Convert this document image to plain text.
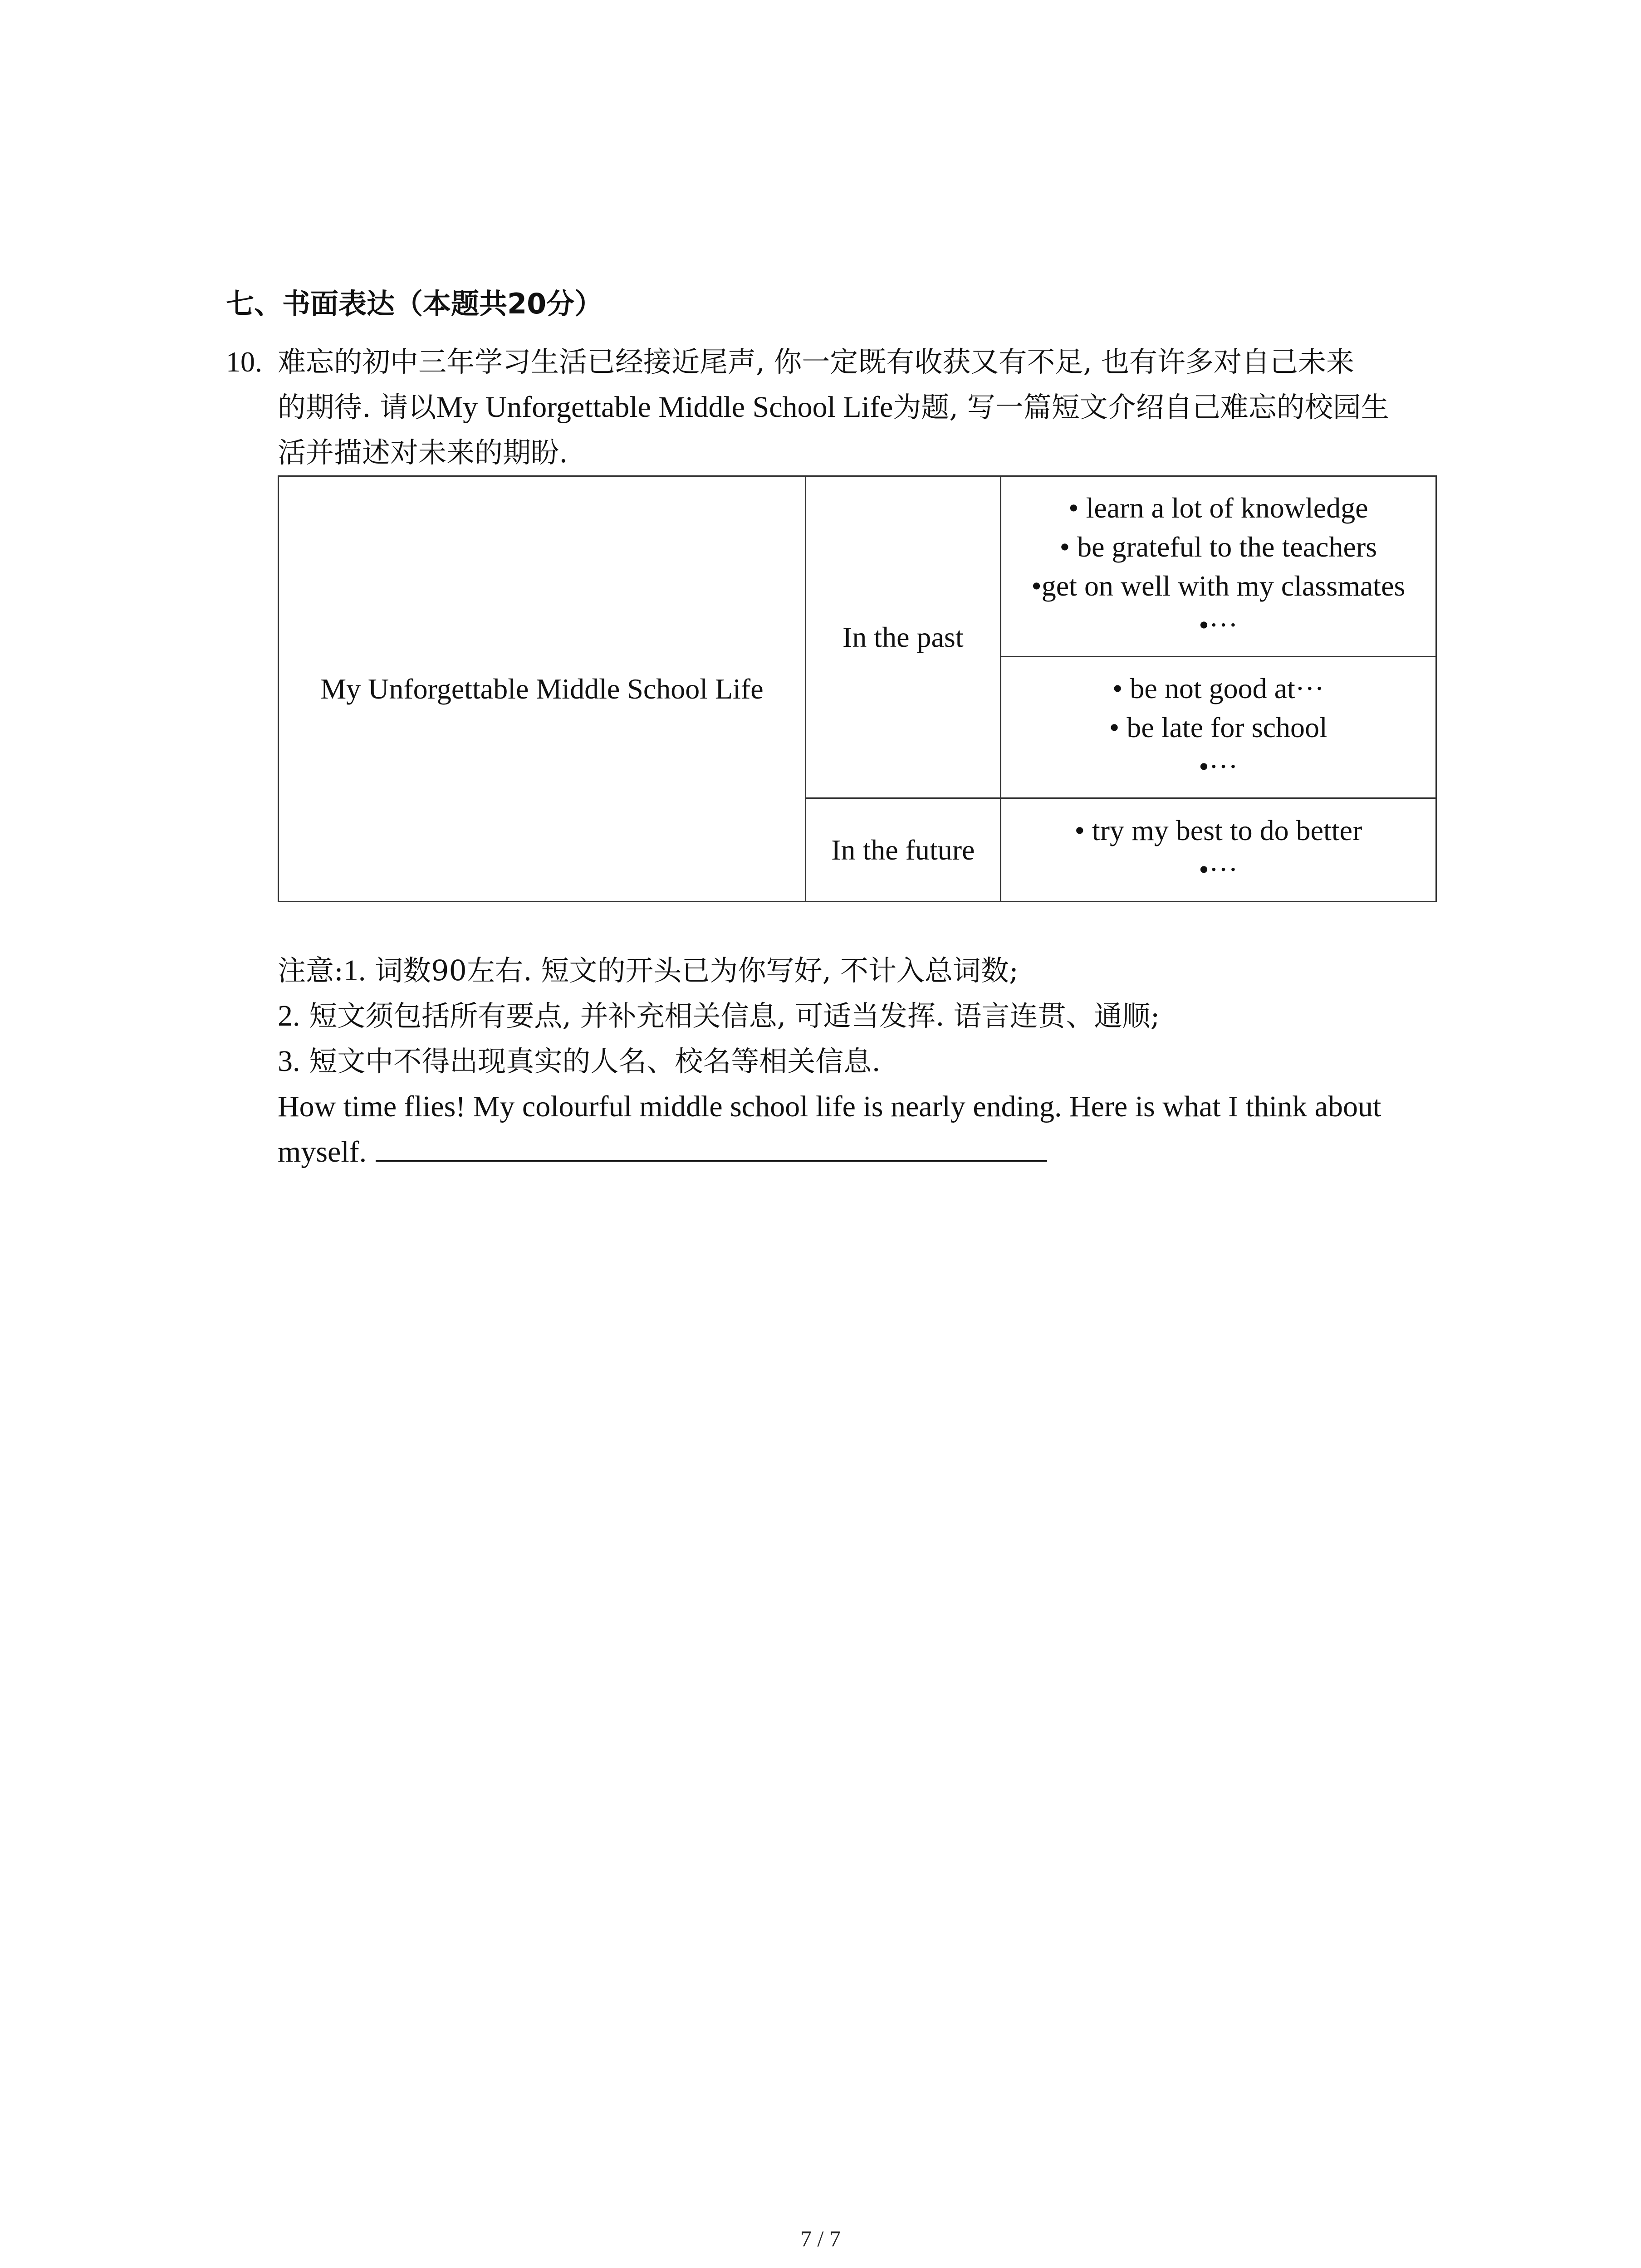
七、书面表达（本题共20分）
10. 难忘的初中三年学习生活已经接近尾声, 你一定既有收获又有不足, 也有许多对自己未来
的期待. 请以My Unforgettable Middle School Life为题, 写一篇短文介绍自己难忘的校园生
活并描述对未来的期盼.
My Unforgettable Middle School Life	In the past	• learn a lot of knowledge
• be grateful to the teachers
•get on well with my classmates
•···

		• be not good at···
• be late for school
•···

	In the future	• try my best to do better
•···
注意:1. 词数90左右. 短文的开头已为你写好, 不计入总词数;
2. 短文须包括所有要点, 并补充相关信息, 可适当发挥. 语言连贯、通顺;
3. 短文中不得出现真实的人名、校名等相关信息.
How time flies! My colourful middle school life is nearly ending. Here is what I think about
myself.
7 / 7
